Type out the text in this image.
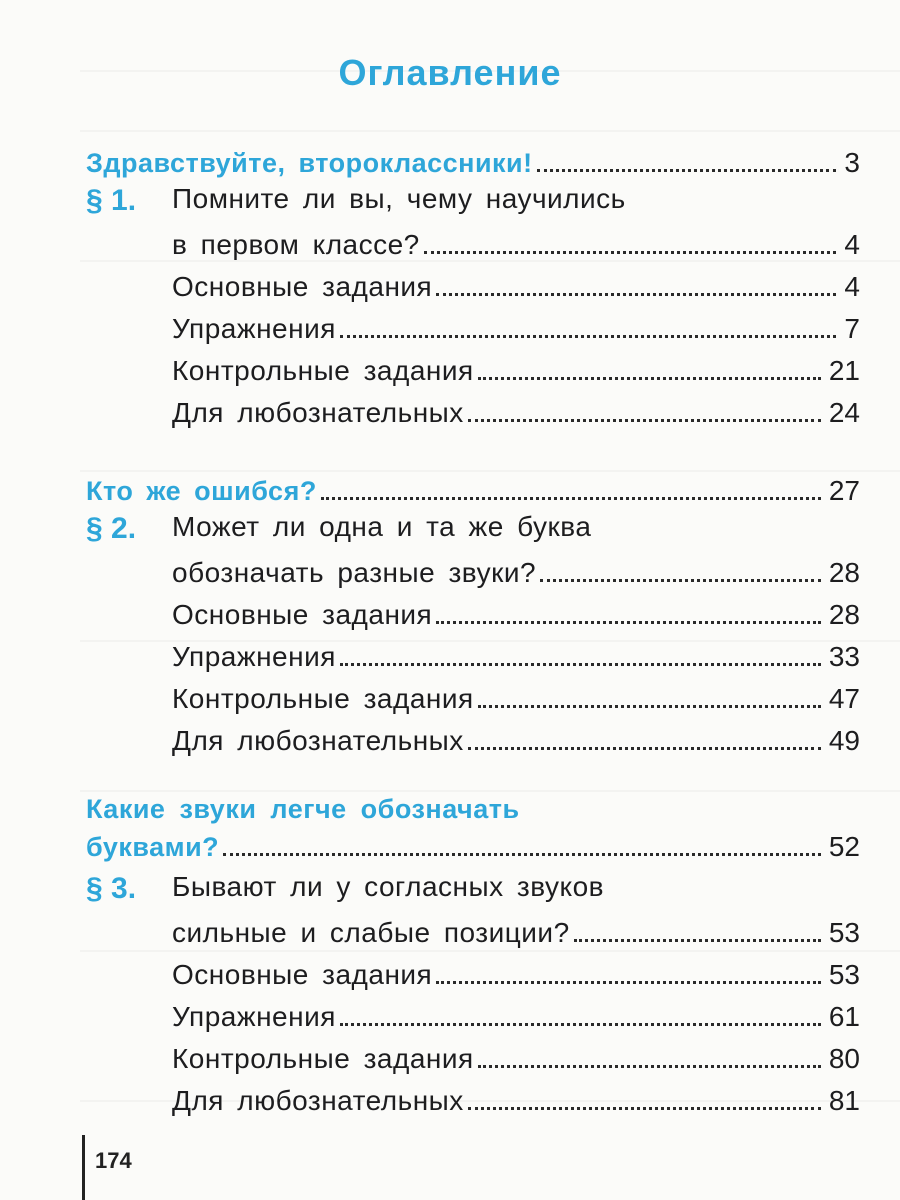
Оглавление
Здравствуйте, второклассники!	3
§ 1. Помните ли вы, чему научились
в первом классе?	4
Основные задания	4
Упражнения	7
Контрольные задания	21
Для любознательных	24
Кто же ошибся?	27
§ 2. Может ли одна и та же буква
обозначать разные звуки?	28
Основные задания	28
Упражнения	33
Контрольные задания	47
Для любознательных	49
Какие звуки легче обозначать
буквами?	52
§ 3. Бывают ли у согласных звуков
сильные и слабые позиции?	53
Основные задания	53
Упражнения	61
Контрольные задания	80
Для любознательных	81
174
